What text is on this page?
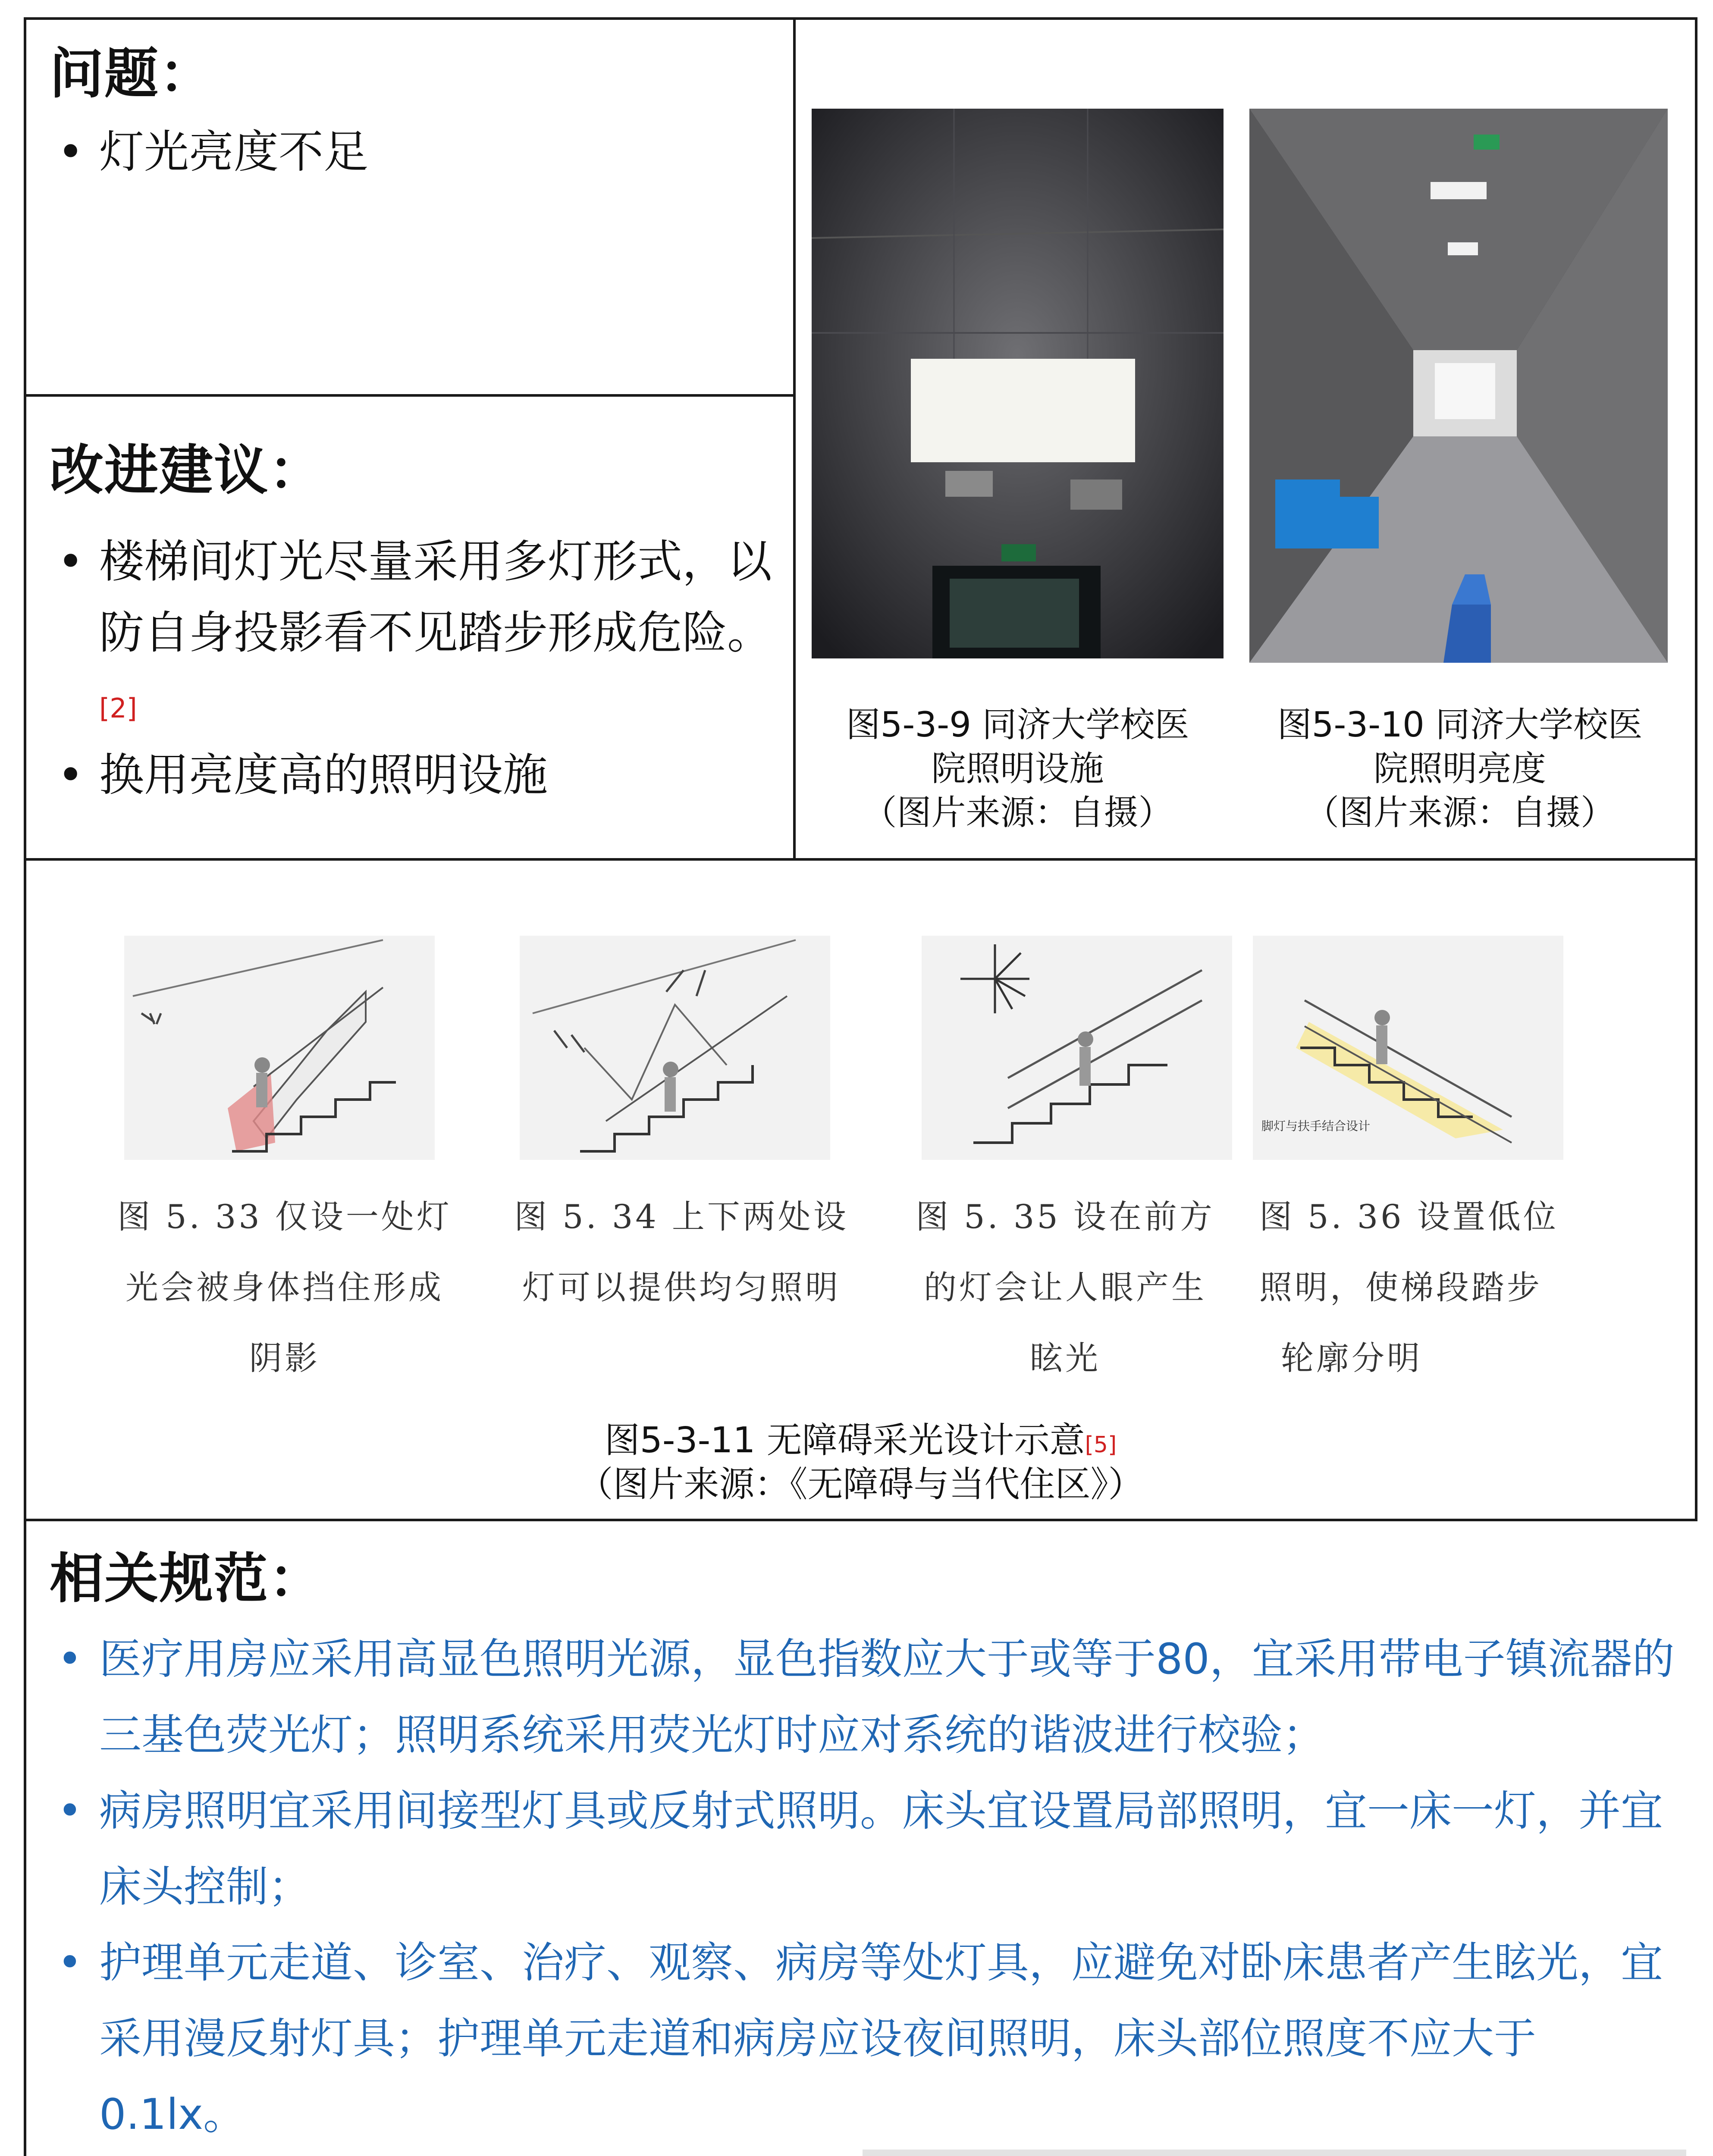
问题：
• 灯光亮度不足
改进建议：
• 楼梯间灯光尽量采用多灯形式，以防自身投影看不见踏步形成危险。[2]
• 换用亮度高的照明设施
图5-3-9 同济大学校医
院照明设施
（图片来源：自摄）
图5-3-10 同济大学校医
院照明亮度
（图片来源：自摄）
脚灯与扶手结合设计
图 5. 33 仅设一处灯
光会被身体挡住形成
阴影
图 5. 34 上下两处设
灯可以提供均匀照明
图 5. 35 设在前方
的灯会让人眼产生
眩光
图 5. 36 设置低位
照明，使梯段踏步
轮廓分明
图5-3-11 无障碍采光设计示意[5]
（图片来源：《无障碍与当代住区》）
相关规范：
• 医疗用房应采用高显色照明光源，显色指数应大于或等于80，宜采用带电子镇流器的三基色荧光灯；照明系统采用荧光灯时应对系统的谐波进行校验；
• 病房照明宜采用间接型灯具或反射式照明。床头宜设置局部照明，宜一床一灯，并宜床头控制；
• 护理单元走道、诊室、治疗、观察、病房等处灯具，应避免对卧床患者产生眩光，宜采用漫反射灯具；护理单元走道和病房应设夜间照明，床头部位照度不应大于0.1lx。
